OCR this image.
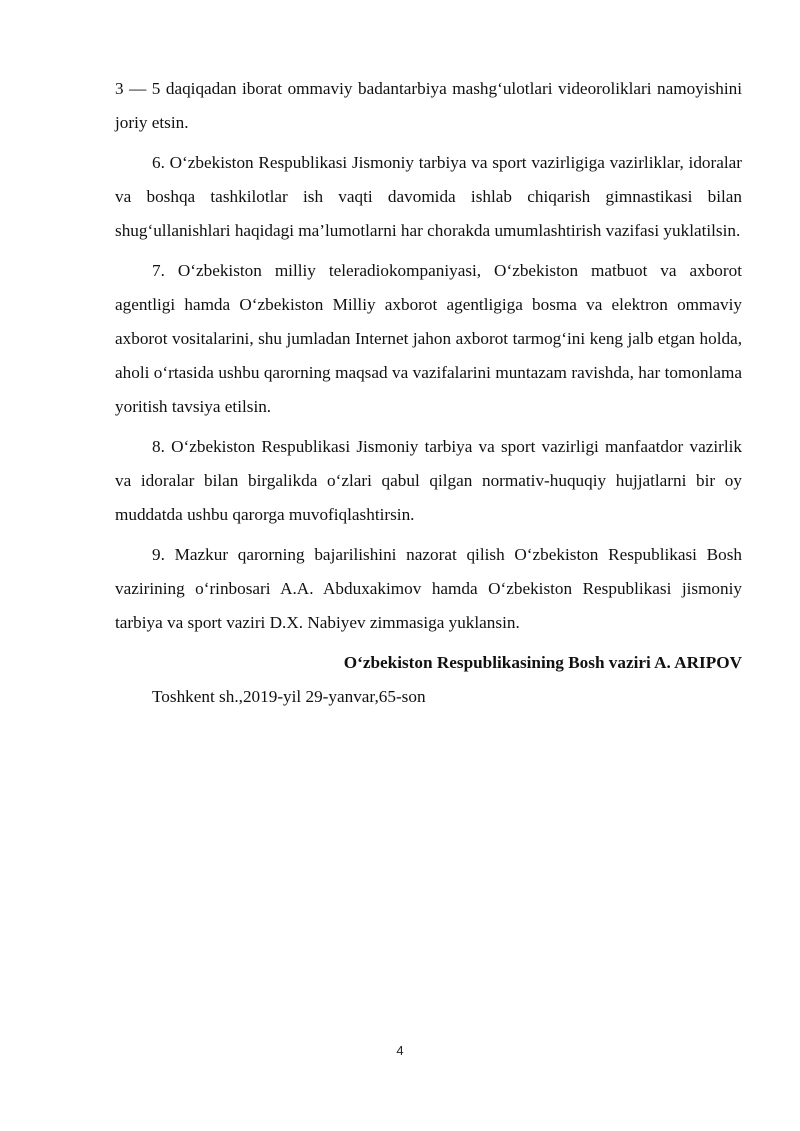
3 — 5 daqiqadan iborat ommaviy badantarbiya mashg‘ulotlari videoroliklari namoyishini joriy etsin.

6. O‘zbekiston Respublikasi Jismoniy tarbiya va sport vazirligiga vazirliklar, idoralar va boshqa tashkilotlar ish vaqti davomida ishlab chiqarish gimnastikasi bilan shug‘ullanishlari haqidagi ma’lumotlarni har chorakda umumlashtirish vazifasi yuklatilsin.

7. O‘zbekiston milliy teleradiokompaniyasi, O‘zbekiston matbuot va axborot agentligi hamda O‘zbekiston Milliy axborot agentligiga bosma va elektron ommaviy axborot vositalarini, shu jumladan Internet jahon axborot tarmog‘ini keng jalb etgan holda, aholi o‘rtasida ushbu qarorning maqsad va vazifalarini muntazam ravishda, har tomonlama yoritish tavsiya etilsin.

8. O‘zbekiston Respublikasi Jismoniy tarbiya va sport vazirligi manfaatdor vazirlik va idoralar bilan birgalikda o‘zlari qabul qilgan normativ-huquqiy hujjatlarni bir oy muddatda ushbu qarorga muvofiqlashtirsin.

9. Mazkur qarorning bajarilishini nazorat qilish O‘zbekiston Respublikasi Bosh vazirining o‘rinbosari A.A. Abduxakimov hamda O‘zbekiston Respublikasi jismoniy tarbiya va sport vaziri D.X. Nabiyev zimmasiga yuklansin.

O‘zbekiston Respublikasining Bosh vaziri A. ARIPOV

Toshkent sh.,2019-yil 29-yanvar,65-son

4
